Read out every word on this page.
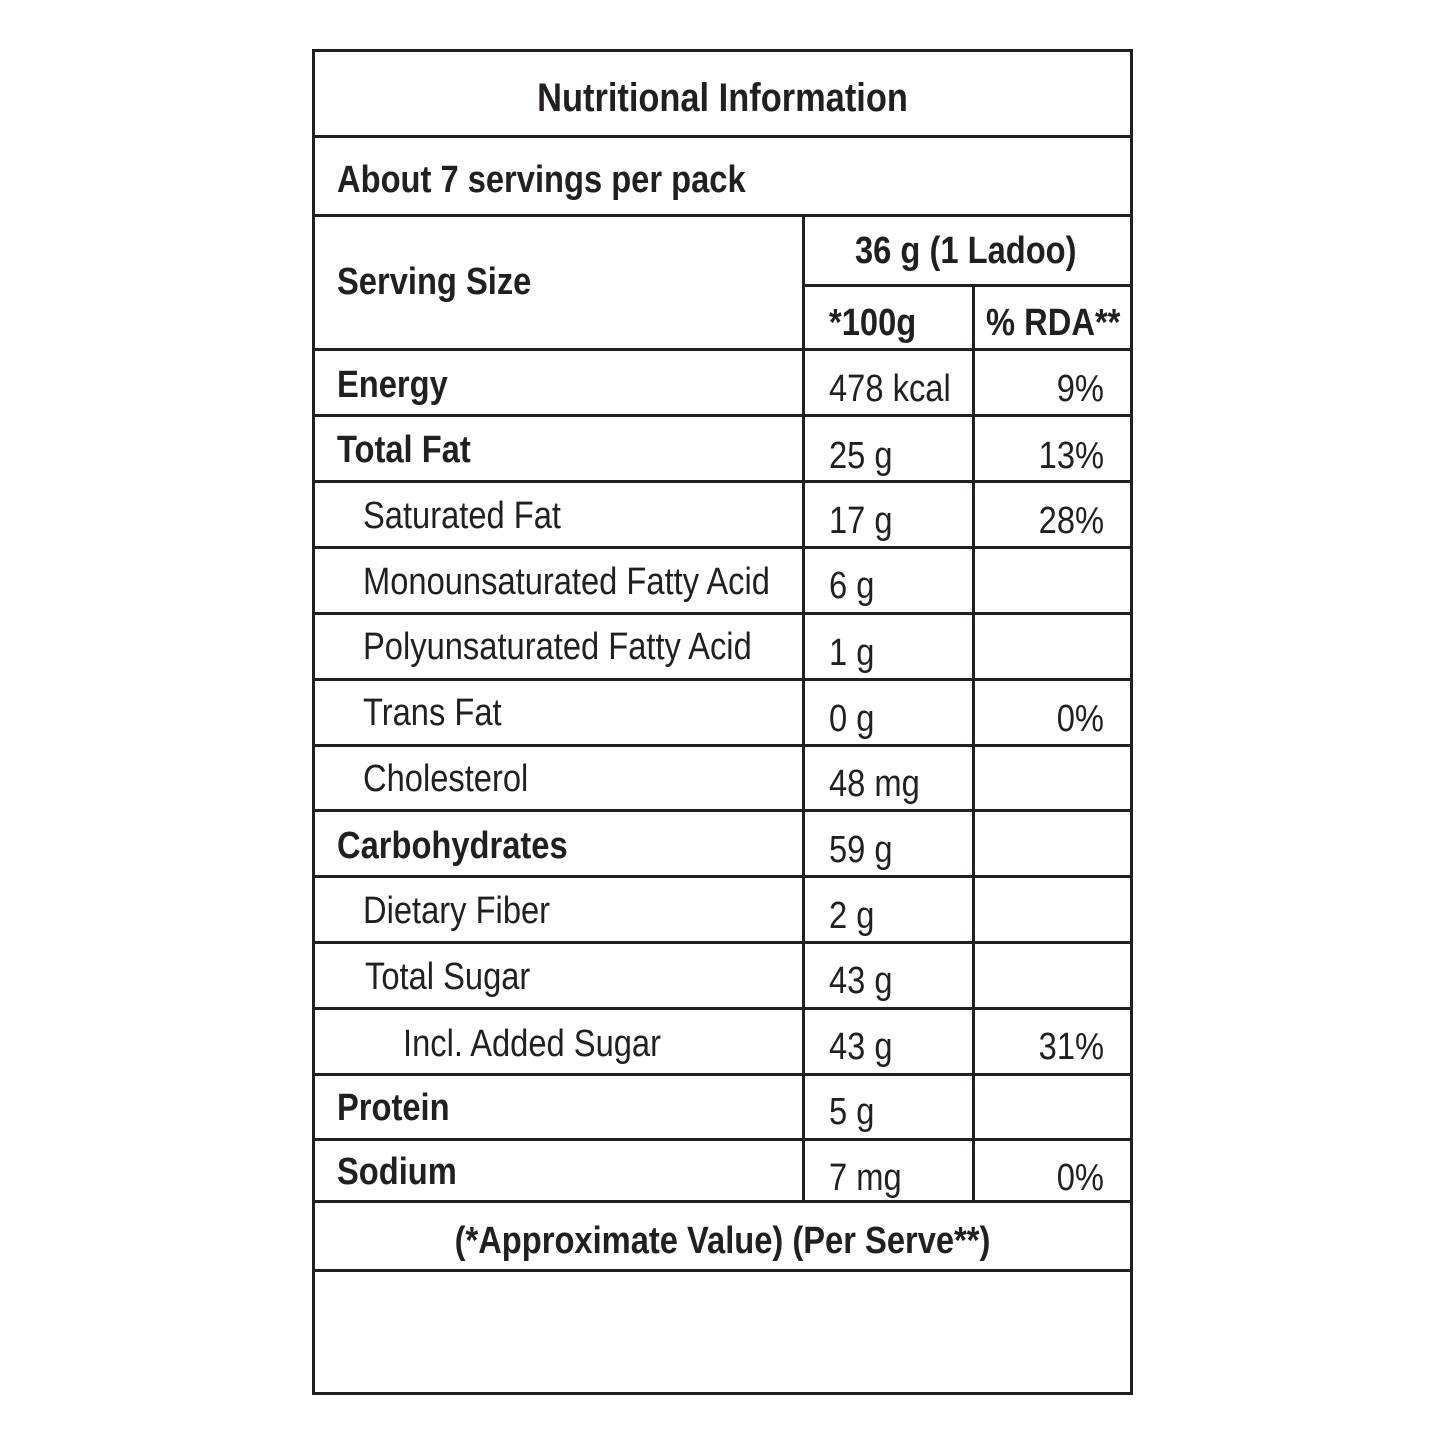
Nutritional Information
About 7 servings per pack
Serving Size
36 g (1 Ladoo)
*100g % RDA**
Energy	478 kcal	9%
Total Fat	25 g	13%
Saturated Fat	17 g	28%
Monounsaturated Fatty Acid 6 g
Polyunsaturated Fatty Acid 1 g
Trans Fat	0 g	0%
Cholesterol	48 mg
Carbohydrates	59 g
Dietary Fiber	2 g
Total Sugar	43 g
Incl. Added Sugar	43 g	31%
Protein	5 g
Sodium	7 mg	0%
(*Approximate Value) (Per Serve**)
